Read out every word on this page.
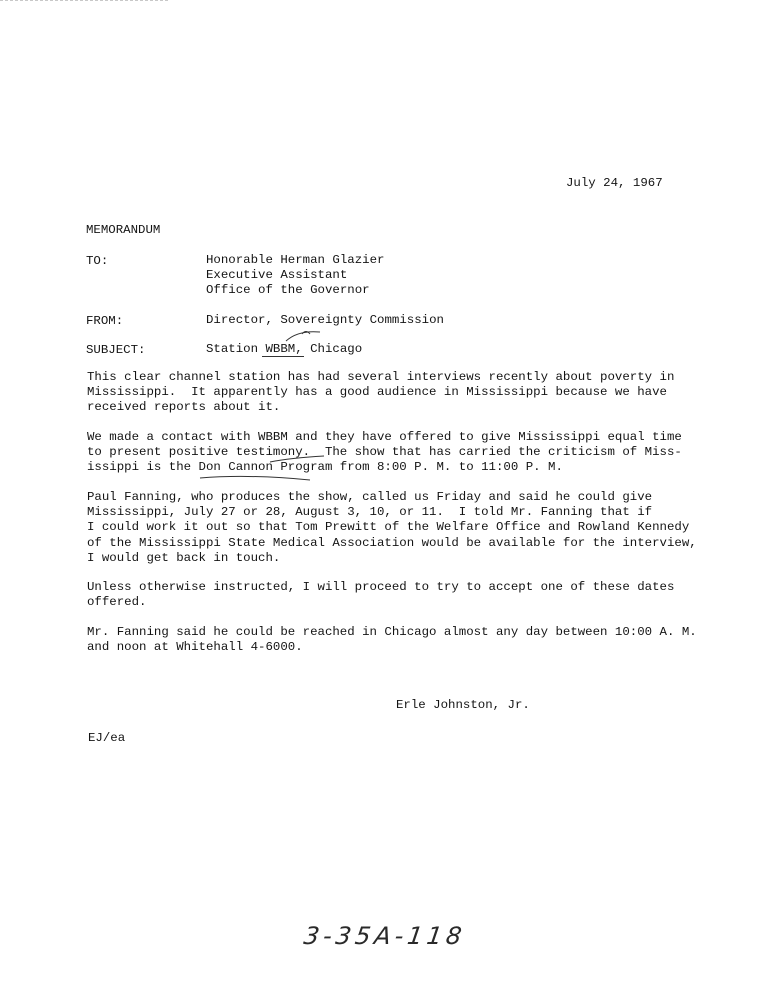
July 24, 1967
MEMORANDUM
TO:	Honorable Herman Glazier
Executive Assistant
Office of the Governor
FROM:	Director, Sovereignty Commission
SUBJECT:	Station WBBM, Chicago
This clear channel station has had several interviews recently about poverty in
Mississippi.  It apparently has a good audience in Mississippi because we have
received reports about it.
We made a contact with WBBM and they have offered to give Mississippi equal time
to present positive testimony.  The show that has carried the criticism of Miss-
issippi is the Don Cannon Program from 8:00 P. M. to 11:00 P. M.
Paul Fanning, who produces the show, called us Friday and said he could give
Mississippi, July 27 or 28, August 3, 10, or 11.  I told Mr. Fanning that if
I could work it out so that Tom Prewitt of the Welfare Office and Rowland Kennedy
of the Mississippi State Medical Association would be available for the interview,
I would get back in touch.
Unless otherwise instructed, I will proceed to try to accept one of these dates
offered.
Mr. Fanning said he could be reached in Chicago almost any day between 10:00 A. M.
and noon at Whitehall 4-6000.
Erle Johnston, Jr.
EJ/ea
3-35A-118
